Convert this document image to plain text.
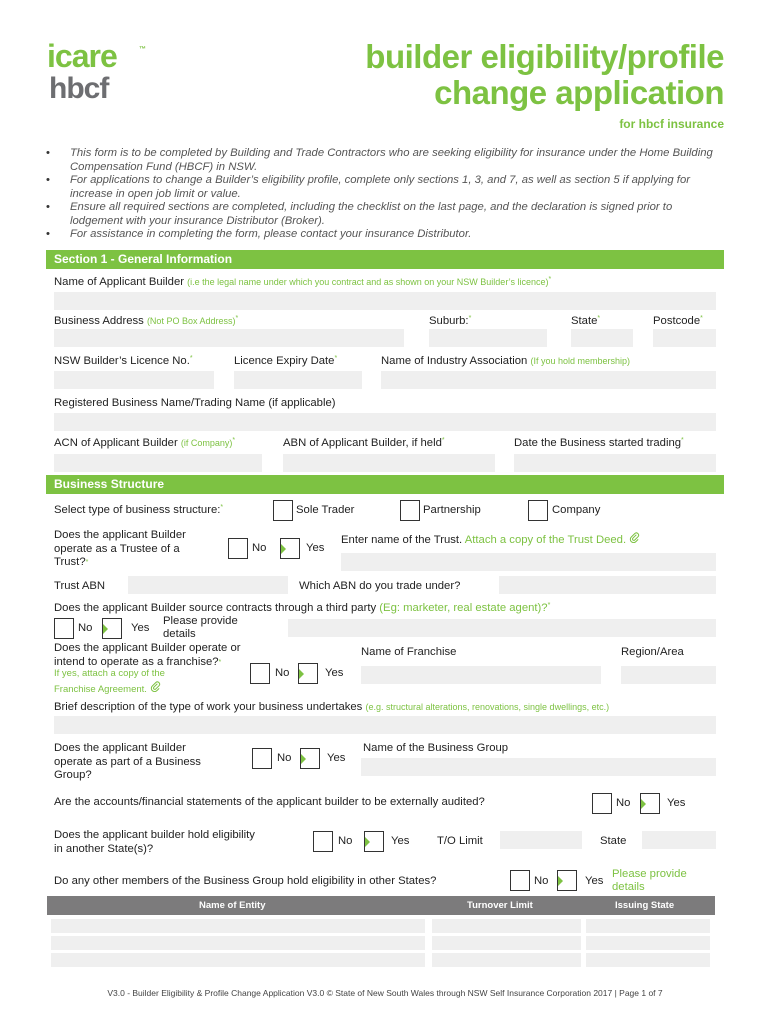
icare	™
hbcf
builder eligibility/profile
change application
for hbcf insurance
• This form is to be completed by Building and Trade Contractors who are seeking eligibility for insurance under the Home Building Compensation Fund (HBCF) in NSW.
• For applications to change a Builder’s eligibility profile, complete only sections 1, 3, and 7, as well as section 5 if applying for increase in open job limit or value.
• Ensure all required sections are completed, including the checklist on the last page, and the declaration is signed prior to lodgement with your insurance Distributor (Broker).
• For assistance in completing the form, please contact your insurance Distributor.
Section 1 - General Information
Name of Applicant Builder (i.e the legal name under which you contract and as shown on your NSW Builder’s licence)*
Business Address (Not PO Box Address)*	Suburb:*	State*	Postcode*
NSW Builder’s Licence No.*	Licence Expiry Date*	Name of Industry Association (If you hold membership)
Registered Business Name/Trading Name (if applicable)
ACN of Applicant Builder (if Company)*	ABN of Applicant Builder, if held*	Date the Business started trading*
Business Structure
Select type of business structure:*	Sole Trader	Partnership	Company
Does the applicant Builder
operate as a Trustee of a
Trust?*
No	Yes
Enter name of the Trust. Attach a copy of the Trust Deed.
Trust ABN	Which ABN do you trade under?
Does the applicant Builder source contracts through a third party (Eg: marketer, real estate agent)?*
No	Yes
Please provide
details
Does the applicant Builder operate or
intend to operate as a franchise?*
If yes, attach a copy of the
Franchise Agreement.
No	Yes
Name of Franchise	Region/Area
Brief description of the type of work your business undertakes (e.g. structural alterations, renovations, single dwellings, etc.)
Does the applicant Builder
operate as part of a Business
Group?
No	Yes
Name of the Business Group
Are the accounts/financial statements of the applicant builder to be externally audited?	No	Yes
Does the applicant builder hold eligibility
in another State(s)?
No	Yes T/O Limit	State
Do any other members of the Business Group hold eligibility in other States?	No	Yes
Please provide
details
Name of Entity	Turnover Limit	Issuing State
V3.0 - Builder Eligibility & Profile Change Application V3.0 © State of New South Wales through NSW Self Insurance Corporation 2017 | Page 1 of 7
